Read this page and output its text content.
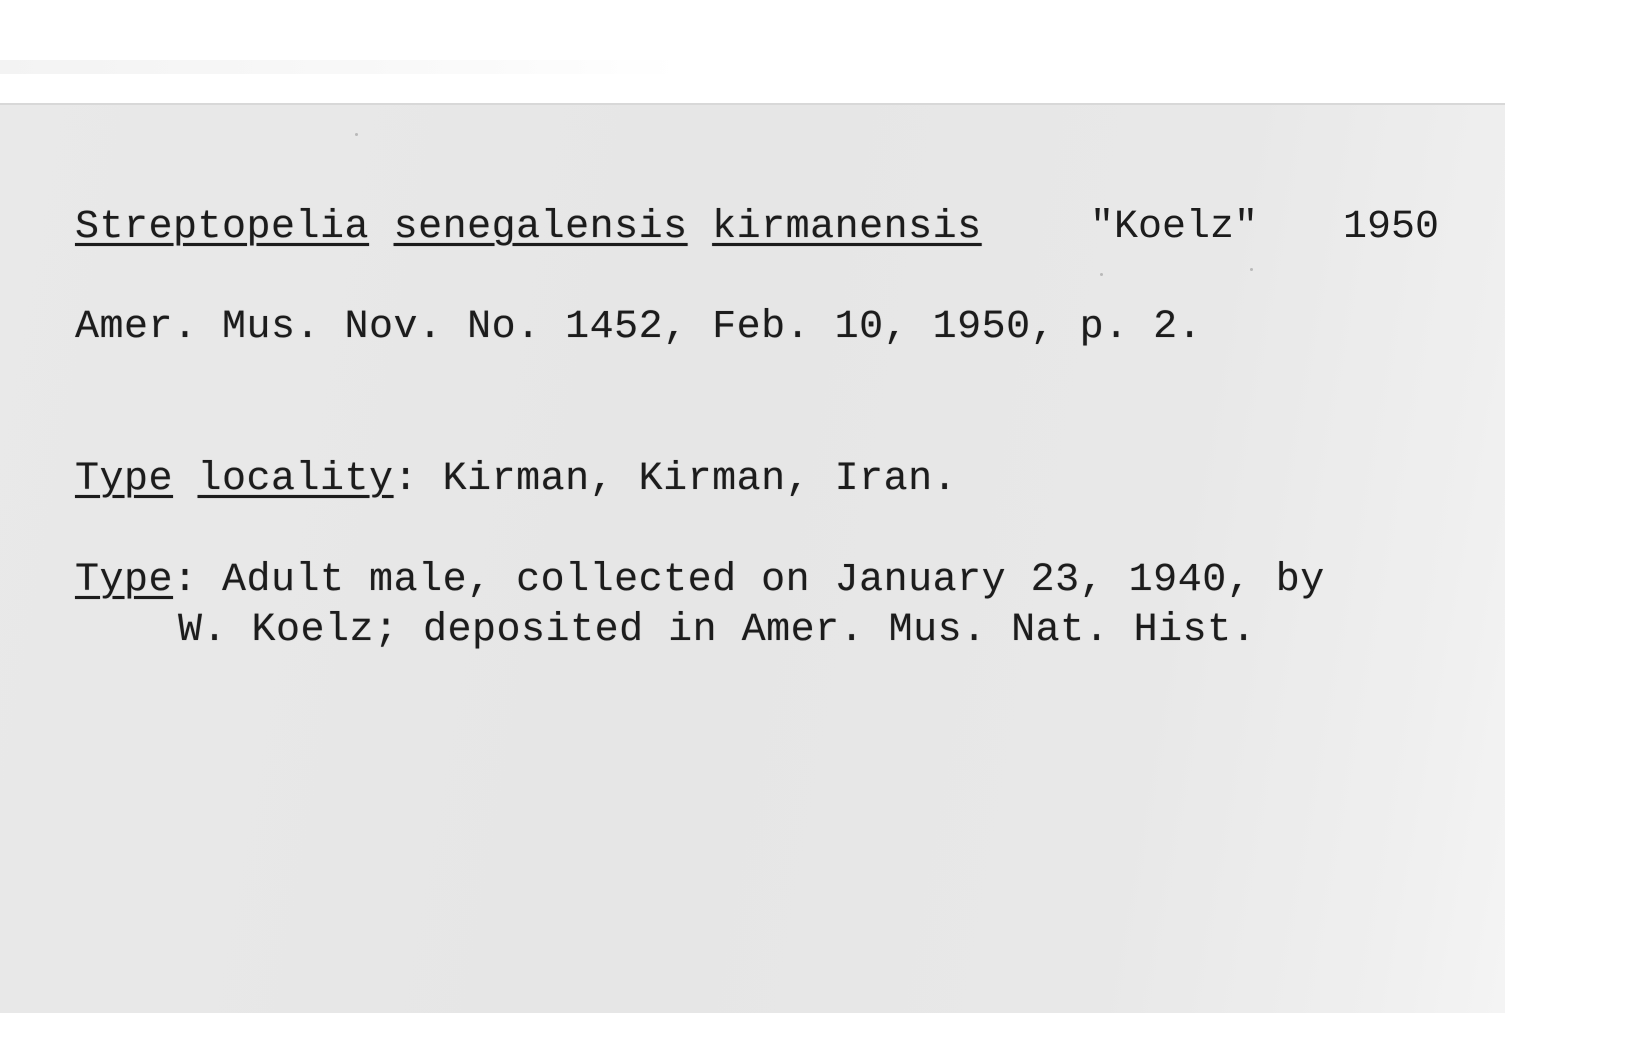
Streptopelia senegalensis kirmanensis	"Koelz" 1950
Amer. Mus. Nov. No. 1452, Feb. 10, 1950, p. 2.
Type locality: Kirman, Kirman, Iran.
Type: Adult male, collected on January 23, 1940, by
W. Koelz; deposited in Amer. Mus. Nat. Hist.
